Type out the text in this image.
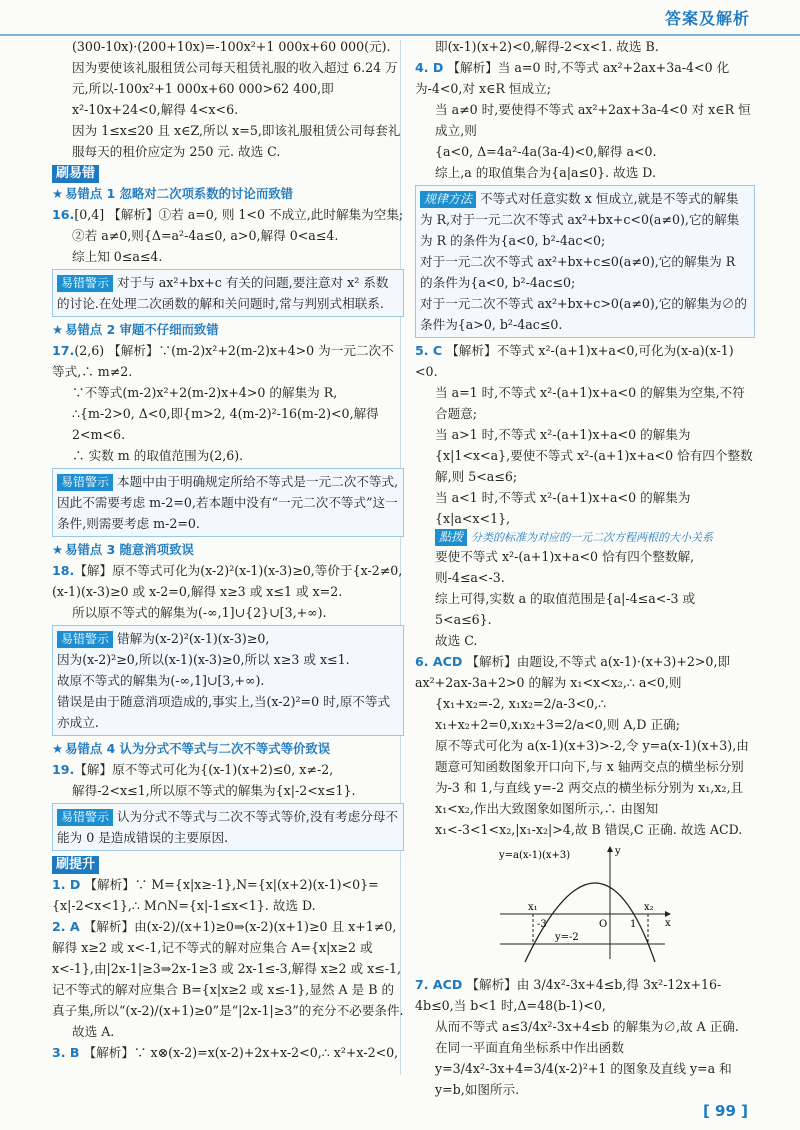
答案及解析

(300-10x)·(200+10x)=-100x²+1 000x+60 000(元).

因为要使该礼服租赁公司每天租赁礼服的收入超过 6.24 万元,所以-100x²+1 000x+60 000>62 400,即 x²-10x+24<0,解得 4<x<6.

因为 1≤x≤20 且 x∈Z,所以 x=5,即该礼服租赁公司每套礼服每天的租价应定为 250 元. 故选 C.

刷易错

★ 易错点 1 忽略对二次项系数的讨论而致错

16.[0,4] 【解析】①若 a=0, 则 1<0 不成立,此时解集为空集;

②若 a≠0,则{Δ=a²-4a≤0, a>0,解得 0<a≤4.

综上知 0≤a≤4.

易错警示 对于与 ax²+bx+c 有关的问题,要注意对 x² 系数的讨论.在处理二次函数的解和关问题时,常与判别式相联系.

★ 易错点 2 审题不仔细而致错

17.(2,6) 【解析】∵(m-2)x²+2(m-2)x+4>0 为一元二次不等式,∴ m≠2.

∵不等式(m-2)x²+2(m-2)x+4>0 的解集为 R,

∴{m-2>0, Δ<0,即{m>2, 4(m-2)²-16(m-2)<0,解得 2<m<6.

∴ 实数 m 的取值范围为(2,6).

易错警示 本题中由于明确规定所给不等式是一元二次不等式,因此不需要考虑 m-2=0,若本题中没有“一元二次不等式”这一条件,则需要考虑 m-2=0.

★ 易错点 3 随意消项致误

18.【解】原不等式可化为(x-2)²(x-1)(x-3)≥0,等价于{x-2≠0, (x-1)(x-3)≥0 或 x-2=0,解得 x≥3 或 x≤1 或 x=2.

所以原不等式的解集为(-∞,1]∪{2}∪[3,+∞).

易错警示 错解为(x-2)²(x-1)(x-3)≥0,

因为(x-2)²≥0,所以(x-1)(x-3)≥0,所以 x≥3 或 x≤1.

故原不等式的解集为(-∞,1]∪[3,+∞).

错误是由于随意消项造成的,事实上,当(x-2)²=0 时,原不等式亦成立.

★ 易错点 4 认为分式不等式与二次不等式等价致误

19.【解】原不等式可化为{(x-1)(x+2)≤0, x≠-2,

解得-2<x≤1,所以原不等式的解集为{x|-2<x≤1}.

易错警示 认为分式不等式与二次不等式等价,没有考虑分母不能为 0 是造成错误的主要原因.
刷提升

1. D 【解析】∵ M={x|x≥-1},N={x|(x+2)(x-1)<0}={x|-2<x<1},∴ M∩N={x|-1≤x<1}. 故选 D.

2. A 【解析】由(x-2)/(x+1)≥0⇒(x-2)(x+1)≥0 且 x+1≠0,解得 x≥2 或 x<-1,记不等式的解对应集合 A={x|x≥2 或 x<-1},由|2x-1|≥3⇒2x-1≥3 或 2x-1≤-3,解得 x≥2 或 x≤-1,记不等式的解对应集合 B={x|x≥2 或 x≤-1},显然 A 是 B 的真子集,所以“(x-2)/(x+1)≥0”是“|2x-1|≥3”的充分不必要条件.

故选 A.

3. B 【解析】∵ x⊗(x-2)=x(x-2)+2x+x-2<0,∴ x²+x-2<0,

即(x-1)(x+2)<0,解得-2<x<1. 故选 B.

4. D 【解析】当 a=0 时,不等式 ax²+2ax+3a-4<0 化为-4<0,对 x∈R 恒成立;

当 a≠0 时,要使得不等式 ax²+2ax+3a-4<0 对 x∈R 恒成立,则

{a<0, Δ=4a²-4a(3a-4)<0,解得 a<0.

综上,a 的取值集合为{a|a≤0}. 故选 D.

规律方法 不等式对任意实数 x 恒成立,就是不等式的解集为 R,对于一元二次不等式 ax²+bx+c<0(a≠0),它的解集为 R 的条件为{a<0, b²-4ac<0;

对于一元二次不等式 ax²+bx+c≤0(a≠0),它的解集为 R 的条件为{a<0, b²-4ac≤0;

对于一元二次不等式 ax²+bx+c>0(a≠0),它的解集为∅的条件为{a>0, b²-4ac≤0.

5. C 【解析】不等式 x²-(a+1)x+a<0,可化为(x-a)(x-1)<0.

当 a=1 时,不等式 x²-(a+1)x+a<0 的解集为空集,不符合题意;

当 a>1 时,不等式 x²-(a+1)x+a<0 的解集为{x|1<x<a},要使不等式 x²-(a+1)x+a<0 恰有四个整数解,则 5<a≤6;

当 a<1 时,不等式 x²-(a+1)x+a<0 的解集为{x|a<x<1},

點拨 分类的标准为对应的一元二次方程两根的大小关系

要使不等式 x²-(a+1)x+a<0 恰有四个整数解,则-4≤a<-3.

综上可得,实数 a 的取值范围是{a|-4≤a<-3 或 5<a≤6}.

故选 C.

6. ACD 【解析】由题设,不等式 a(x-1)·(x+3)+2>0,即 ax²+2ax-3a+2>0 的解为 x₁<x<x₂,∴ a<0,则

{x₁+x₂=-2, x₁x₂=2/a-3<0,∴ x₁+x₂+2=0,x₁x₂+3=2/a<0,则 A,D 正确;

原不等式可化为 a(x-1)(x+3)>-2,令 y=a(x-1)(x+3),由题意可知函数图象开口向下,与 x 轴两交点的横坐标分别为-3 和 1,与直线 y=-2 两交点的横坐标分别为 x₁,x₂,且 x₁<x₂,作出大致图象如图所示,∴ 由图知 x₁<-3<1<x₂,|x₁-x₂|>4,故 B 错误,C 正确. 故选 ACD.

y=a(x-1)(x+3)
y=-2
x₁	x₂
-3	O 1	x
y

7. ACD 【解析】由 3/4x²-3x+4≤b,得 3x²-12x+16-4b≤0,当 b<1 时,Δ=48(b-1)<0,

从而不等式 a≤3/4x²-3x+4≤b 的解集为∅,故 A 正确.

在同一平面直角坐标系中作出函数 y=3/4x²-3x+4=3/4(x-2)²+1 的图象及直线 y=a 和 y=b,如图所示.

[ 99 ]
